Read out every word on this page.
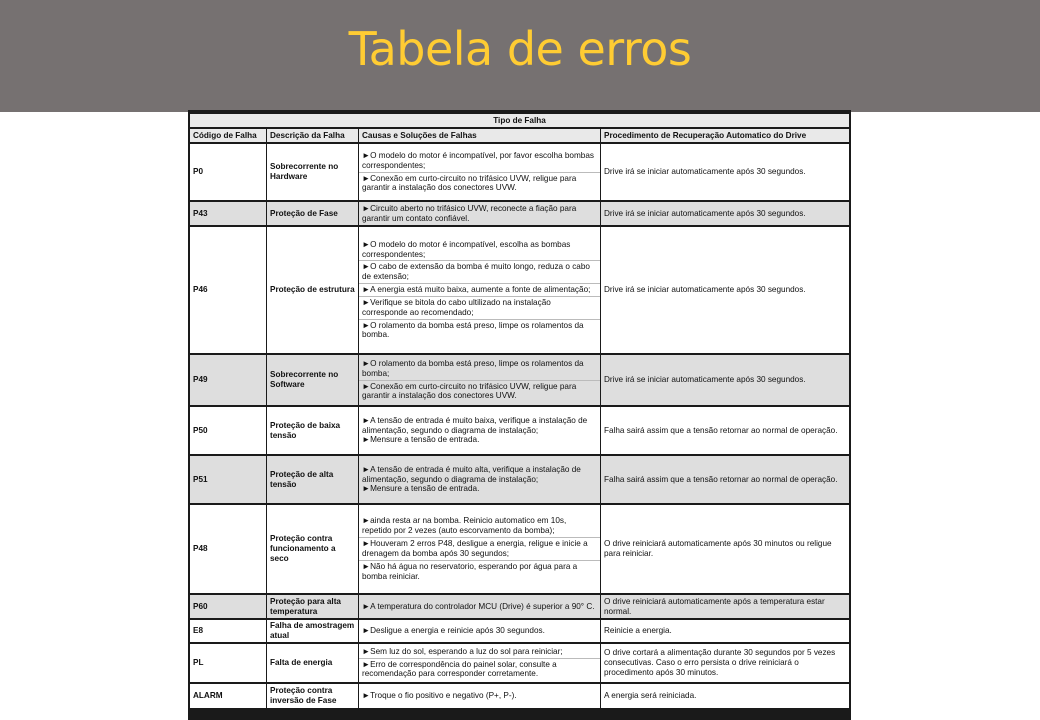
Tabela de erros
Tipo de Falha			
Código de Falha	Descrição da Falha	Causas e Soluções de Falhas	Procedimento de Recuperação Automatico do Drive
P0	Sobrecorrente no Hardware	►O modelo do motor é incompatível, por favor escolha bombas correspondentes;
►Conexão em curto-circuito no trifásico UVW, religue para garantir a instalação dos conectores UVW.	Drive irá se iniciar automaticamente após 30 segundos.
P43	Proteção de Fase	►Circuito aberto no trifásico UVW, reconecte a fiação para garantir um contato confiável.	Drive irá se iniciar automaticamente após 30 segundos.
P46	Proteção de estrutura	►O modelo do motor é incompatível, escolha as bombas correspondentes;
►O cabo de extensão da bomba é muito longo, reduza o cabo de extensão;
►A energia está muito baixa, aumente a fonte de alimentação;
►Verifique se bitola do cabo ultilizado na instalação corresponde ao recomendado;
►O rolamento da bomba está preso, limpe os rolamentos da bomba.	Drive irá se iniciar automaticamente após 30 segundos.
P49	Sobrecorrente no Software	►O rolamento da bomba está preso, limpe os rolamentos da bomba;
►Conexão em curto-circuito no trifásico UVW, religue para garantir a instalação dos conectores UVW.	Drive irá se iniciar automaticamente após 30 segundos.
P50	Proteção de baixa tensão	►A tensão de entrada é muito baixa, verifique a instalação de alimentação, segundo o diagrama de instalação;
►Mensure a tensão de entrada.	Falha sairá assim que a tensão retornar ao normal de operação.
P51	Proteção de alta tensão	►A tensão de entrada é muito alta, verifique a instalação de alimentação, segundo o diagrama de instalação;
►Mensure a tensão de entrada.	Falha sairá assim que a tensão retornar ao normal de operação.
P48	Proteção contra funcionamento a seco	►ainda resta ar na bomba. Reinicio automatico em 10s, repetido por 2 vezes (auto escorvamento da bomba);
►Houveram 2 erros P48, desligue a energia, religue e inicie a drenagem da bomba após 30 segundos;
►Não há água no reservatorio, esperando por água para a bomba reiniciar.	O drive reiniciará automaticamente após 30 minutos ou religue para reiniciar.
P60	Proteção para alta temperatura	►A temperatura do controlador MCU (Drive) é superior a 90° C.	O drive reiniciará automaticamente após a temperatura estar normal.
E8	Falha de amostragem atual	►Desligue a energia e reinicie após 30 segundos.	Reinicie a energia.
PL	Falta de energia	►Sem luz do sol, esperando a luz do sol para reiniciar;
►Erro de correspondência do painel solar, consulte a recomendação para corresponder corretamente.	O drive cortará a alimentação durante 30 segundos por 5 vezes consecutivas. Caso o erro persista o drive reiniciará o procedimento após 30 minutos.
ALARM	Proteção contra inversão de Fase	►Troque o fio positivo e negativo (P+, P-).	A energia será reiniciada.
